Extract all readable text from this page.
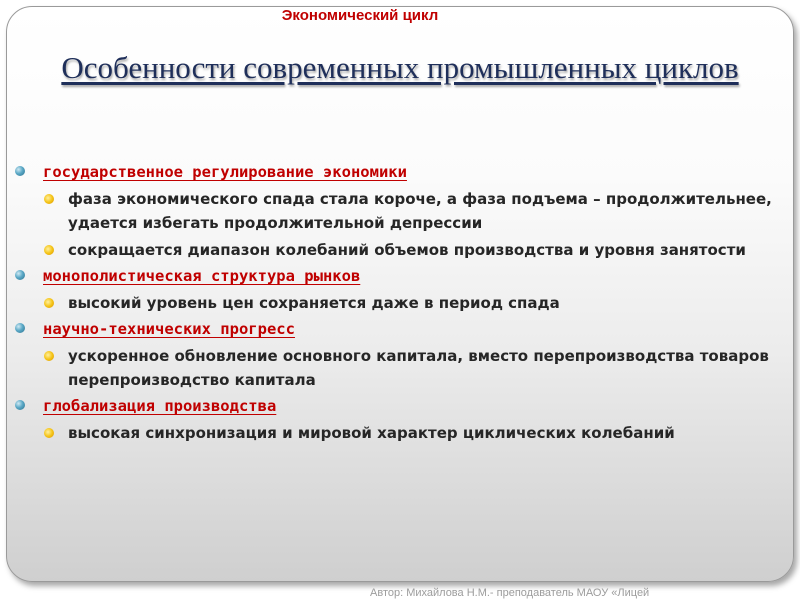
Экономический цикл
Особенности современных промышленных циклов
государственное регулирование экономики
фаза экономического спада стала короче, а фаза подъема – продолжительнее, удается избегать продолжительной депрессии
сокращается диапазон колебаний объемов производства и уровня занятости
монополистическая структура рынков
высокий уровень цен сохраняется даже в период спада
научно-технических прогресс
ускоренное обновление основного капитала, вместо перепроизводства товаров перепроизводство капитала
глобализация производства
высокая синхронизация и мировой характер циклических колебаний
Автор: Михайлова Н.М.- преподаватель МАОУ «Лицей
